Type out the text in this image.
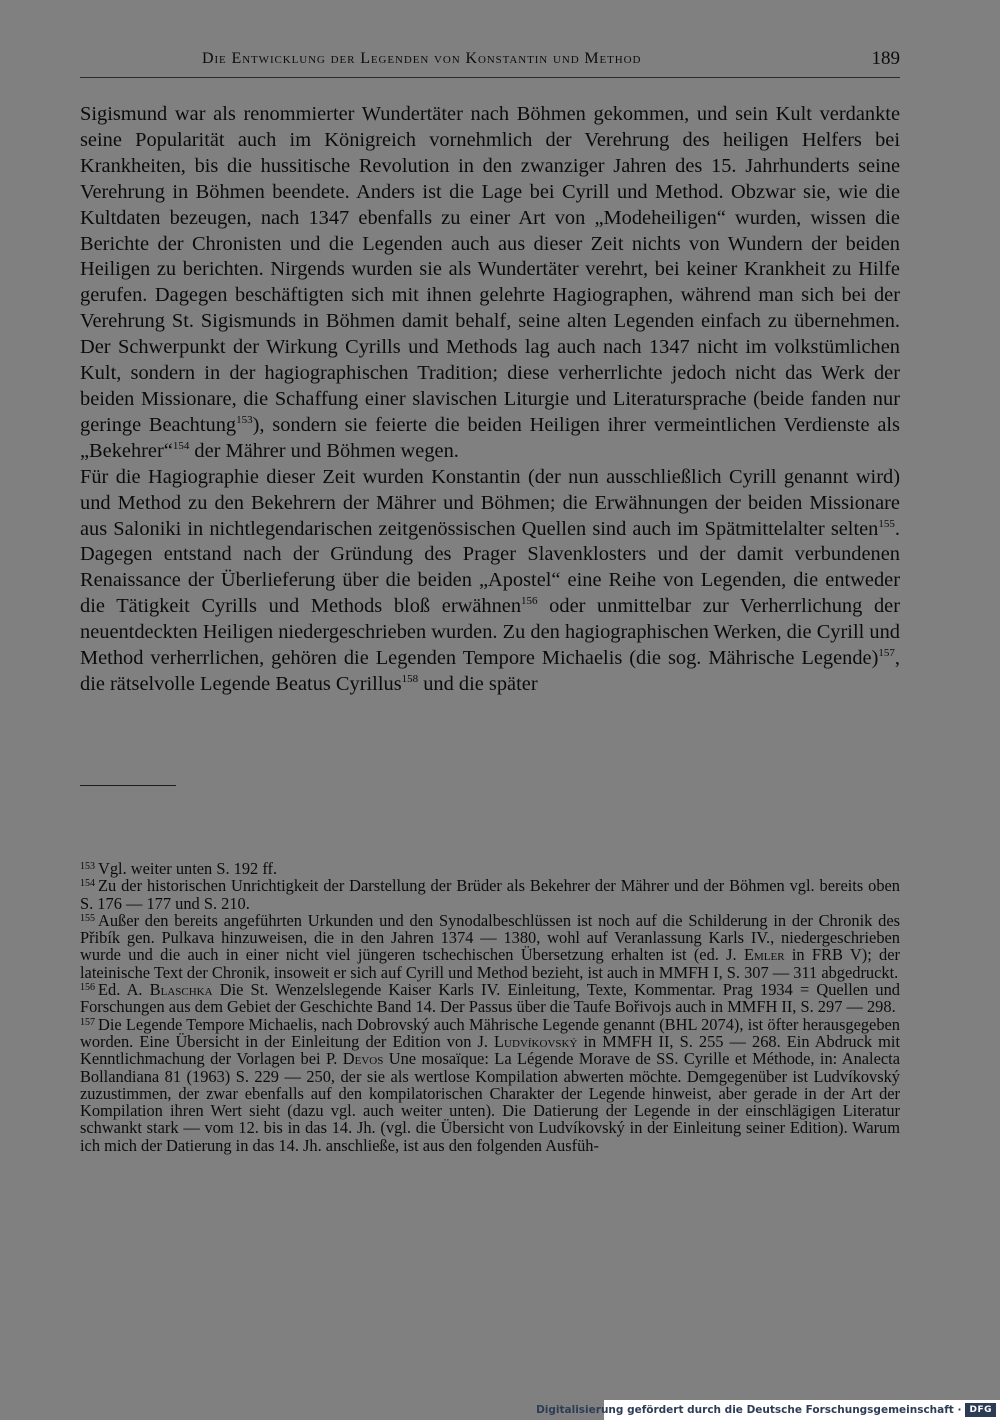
Die Entwicklung der Legenden von Konstantin und Method	189

Sigismund war als renommierter Wundertäter nach Böhmen gekommen, und sein Kult verdankte seine Popularität auch im Königreich vornehmlich der Verehrung des heiligen Helfers bei Krankheiten, bis die hussitische Revolution in den zwanziger Jahren des 15. Jahrhunderts seine Verehrung in Böhmen beendete. Anders ist die Lage bei Cyrill und Method. Obzwar sie, wie die Kultdaten bezeugen, nach 1347 ebenfalls zu einer Art von „Modeheiligen“ wurden, wissen die Berichte der Chronisten und die Legenden auch aus dieser Zeit nichts von Wundern der beiden Heiligen zu berichten. Nirgends wurden sie als Wundertäter verehrt, bei keiner Krankheit zu Hilfe gerufen. Dagegen beschäftigten sich mit ihnen gelehrte Hagiographen, während man sich bei der Verehrung St. Sigismunds in Böhmen damit behalf, seine alten Legenden einfach zu übernehmen. Der Schwerpunkt der Wirkung Cyrills und Methods lag auch nach 1347 nicht im volkstümlichen Kult, sondern in der hagiographischen Tradition; diese verherrlichte jedoch nicht das Werk der beiden Missionare, die Schaffung einer slavischen Liturgie und Literatursprache (beide fanden nur geringe Beachtung$^{153}$), sondern sie feierte die beiden Heiligen ihrer vermeintlichen Verdienste als „Bekehrer“$^{154}$ der Mährer und Böhmen wegen.

Für die Hagiographie dieser Zeit wurden Konstantin (der nun ausschließlich Cyrill genannt wird) und Method zu den Bekehrern der Mährer und Böhmen; die Erwähnungen der beiden Missionare aus Saloniki in nichtlegendarischen zeitgenössischen Quellen sind auch im Spätmittelalter selten$^{155}$. Dagegen entstand nach der Gründung des Prager Slavenklosters und der damit verbundenen Renaissance der Überlieferung über die beiden „Apostel“ eine Reihe von Legenden, die entweder die Tätigkeit Cyrills und Methods bloß erwähnen$^{156}$ oder unmittelbar zur Verherrlichung der neuentdeckten Heiligen niedergeschrieben wurden. Zu den hagiographischen Werken, die Cyrill und Method verherrlichen, gehören die Legenden Tempore Michaelis (die sog. Mährische Legende)$^{157}$, die rätselvolle Legende Beatus Cyrillus$^{158}$ und die später

$^{153}$ Vgl. weiter unten S. 192 ff.

$^{154}$ Zu der historischen Unrichtigkeit der Darstellung der Brüder als Bekehrer der Mährer und der Böhmen vgl. bereits oben S. 176 — 177 und S. 210.

$^{155}$ Außer den bereits angeführten Urkunden und den Synodalbeschlüssen ist noch auf die Schilderung in der Chronik des Přibík gen. Pulkava hinzuweisen, die in den Jahren 1374 — 1380, wohl auf Veranlassung Karls IV., niedergeschrieben wurde und die auch in einer nicht viel jüngeren tschechischen Übersetzung erhalten ist (ed. J. Emler in FRB V); der lateinische Text der Chronik, insoweit er sich auf Cyrill und Method bezieht, ist auch in MMFH I, S. 307 — 311 abgedruckt.

$^{156}$ Ed. A. Blaschka Die St. Wenzelslegende Kaiser Karls IV. Einleitung, Texte, Kommentar. Prag 1934 = Quellen und Forschungen aus dem Gebiet der Geschichte Band 14. Der Passus über die Taufe Bořivojs auch in MMFH II, S. 297 — 298.

$^{157}$ Die Legende Tempore Michaelis, nach Dobrovský auch Mährische Legende genannt (BHL 2074), ist öfter herausgegeben worden. Eine Übersicht in der Einleitung der Edition von J. Ludvíkovský in MMFH II, S. 255 — 268. Ein Abdruck mit Kenntlichmachung der Vorlagen bei P. Devos Une mosaïque: La Légende Morave de SS. Cyrille et Méthode, in: Analecta Bollandiana 81 (1963) S. 229 — 250, der sie als wertlose Kompilation abwerten möchte. Demgegenüber ist Ludvíkovský zuzustimmen, der zwar ebenfalls auf den kompilatorischen Charakter der Legende hinweist, aber gerade in der Art der Kompilation ihren Wert sieht (dazu vgl. auch weiter unten). Die Datierung der Legende in der einschlägigen Literatur schwankt stark — vom 12. bis in das 14. Jh. (vgl. die Übersicht von Ludvíkovský in der Einleitung seiner Edition). Warum ich mich der Datierung in das 14. Jh. anschließe, ist aus den folgenden Ausfüh-

Digitalisierung gefördert durch die Deutsche Forschungsgemeinschaft · DFG
